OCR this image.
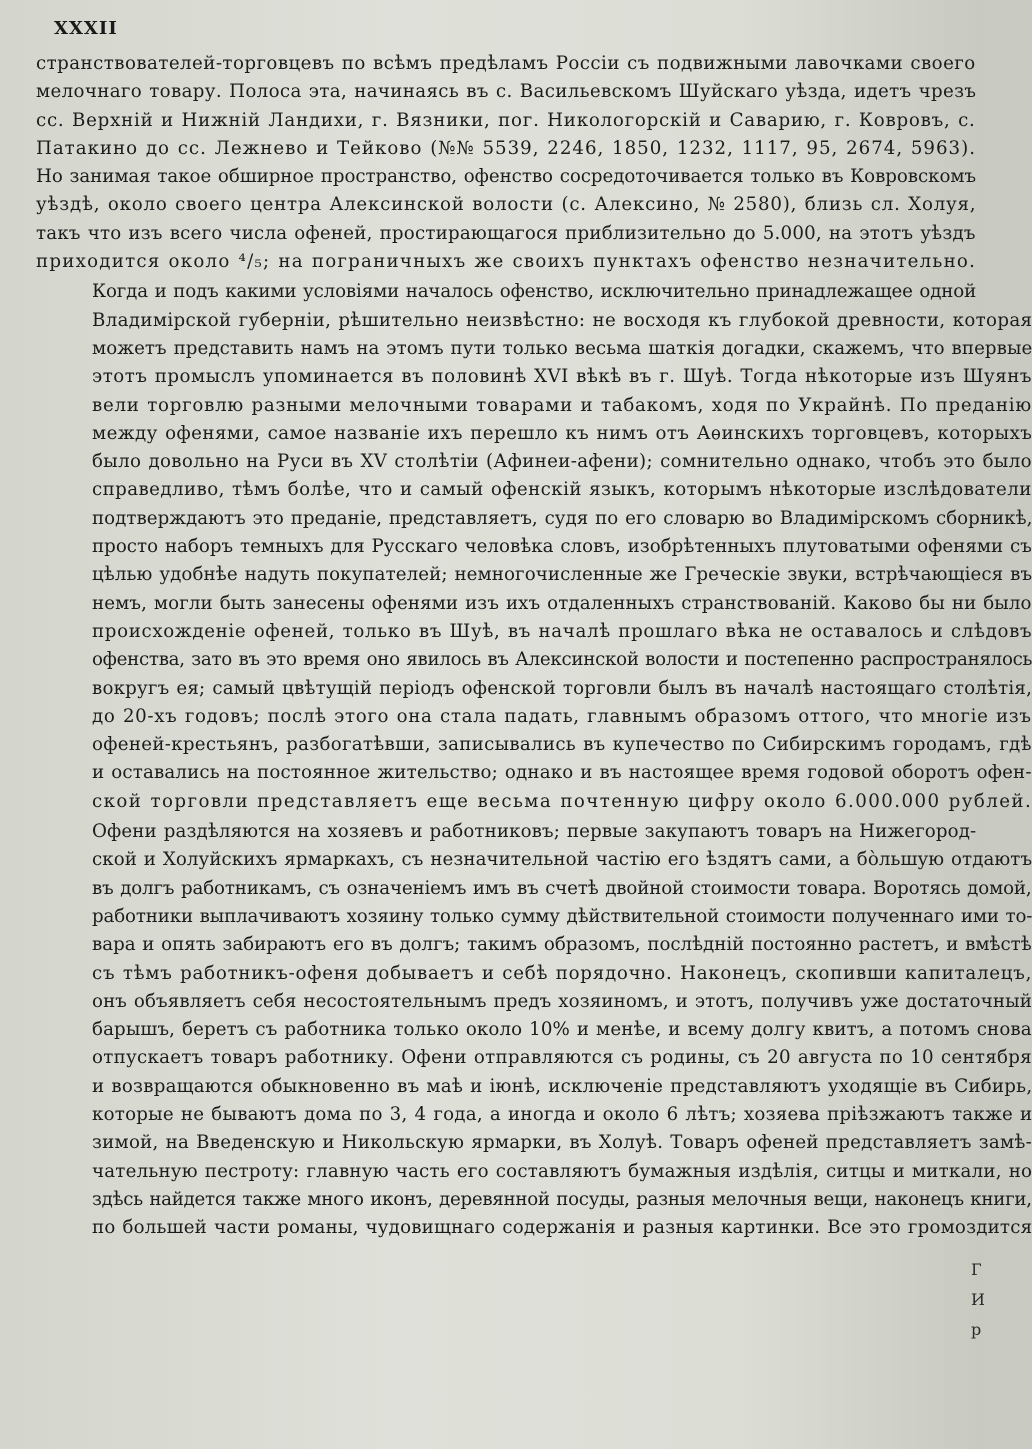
XXXII

странствователей-торговцевъ по всѣмъ предѣламъ Россіи съ подвижными лавочками своего
мелочнаго товару. Полоса эта, начинаясь въ с. Васильевскомъ Шуйскаго уѣзда, идетъ чрезъ
сс. Верхній и Нижній Ландихи, г. Вязники, пог. Никологорскій и Саварию, г. Ковровъ, с.
Патакино до сс. Лежнево и Тейково (№№ 5539, 2246, 1850, 1232, 1117, 95, 2674, 5963).
Но занимая такое обширное пространство, офенство сосредоточивается только въ Ковровскомъ
уѣздѣ, около своего центра Алексинской волости (с. Алексино, № 2580), близь сл. Холуя,
такъ что изъ всего числа офеней, простирающагося приблизительно до 5.000, на этотъ уѣздъ
приходится около ⁴/₅; на пограничныхъ же своихъ пунктахъ офенство незначительно.

Когда и подъ какими условіями началось офенство, исключительно принадлежащее одной
Владимірской губерніи, рѣшительно неизвѣстно: не восходя къ глубокой древности, которая
можетъ представить намъ на этомъ пути только весьма шаткія догадки, скажемъ, что впервые
этотъ промыслъ упоминается въ половинѣ XVI вѣкѣ въ г. Шуѣ. Тогда нѣкоторые изъ Шуянъ
вели торговлю разными мелочными товарами и табакомъ, ходя по Украйнѣ. По преданію
между офенями, самое названіе ихъ перешло къ нимъ отъ Аѳинскихъ торговцевъ, которыхъ
было довольно на Руси въ XV столѣтіи (Афинеи-афени); сомнительно однако, чтобъ это было
справедливо, тѣмъ болѣе, что и самый офенскій языкъ, которымъ нѣкоторые изслѣдователи
подтверждаютъ это преданіе, представляетъ, судя по его словарю во Владимірскомъ сборникѣ,
просто наборъ темныхъ для Русскаго человѣка словъ, изобрѣтенныхъ плутоватыми офенями съ
цѣлью удобнѣе надуть покупателей; немногочисленные же Греческіе звуки, встрѣчающіеся въ
немъ, могли быть занесены офенями изъ ихъ отдаленныхъ странствованій. Каково бы ни было
происхожденіе офеней, только въ Шуѣ, въ началѣ прошлаго вѣка не оставалось и слѣдовъ
офенства, зато въ это время оно явилось въ Алексинской волости и постепенно распространялось
вокругъ ея; самый цвѣтущій періодъ офенской торговли былъ въ началѣ настоящаго столѣтія,
до 20-хъ годовъ; послѣ этого она стала падать, главнымъ образомъ оттого, что многіе изъ
офеней-крестьянъ, разбогатѣвши, записывались въ купечество по Сибирскимъ городамъ, гдѣ
и оставались на постоянное жительство; однако и въ настоящее время годовой оборотъ офен-
ской торговли представляетъ еще весьма почтенную цифру около 6.000.000 рублей.

Офени раздѣляются на хозяевъ и работниковъ; первые закупаютъ товаръ на Нижегород-
ской и Холуйскихъ ярмаркахъ, съ незначительной частію его ѣздятъ сами, а бо̀льшую отдаютъ
въ долгъ работникамъ, съ означеніемъ имъ въ счетѣ двойной стоимости товара. Воротясь домой,
работники выплачиваютъ хозяину только сумму дѣйствительной стоимости полученнаго ими то-
вара и опять забираютъ его въ долгъ; такимъ образомъ, послѣдній постоянно растетъ, и вмѣстѣ
съ тѣмъ работникъ-офеня добываетъ и себѣ порядочно. Наконецъ, скопивши капиталецъ,
онъ объявляетъ себя несостоятельнымъ предъ хозяиномъ, и этотъ, получивъ уже достаточный
барышъ, беретъ съ работника только около 10% и менѣе, и всему долгу квитъ, а потомъ снова
отпускаетъ товаръ работнику. Офени отправляются съ родины, съ 20 августа по 10 сентября
и возвращаются обыкновенно въ маѣ и іюнѣ, исключеніе представляютъ уходящіе въ Сибирь,
которые не бываютъ дома по 3, 4 года, а иногда и около 6 лѣтъ; хозяева пріѣзжаютъ также и
зимой, на Введенскую и Никольскую ярмарки, въ Холуѣ. Товаръ офеней представляетъ замѣ-
чательную пестроту: главную часть его составляютъ бумажныя издѣлія, ситцы и миткали, но
здѣсь найдется также много иконъ, деревянной посуды, разныя мелочныя вещи, наконецъ книги,
по большей части романы, чудовищнаго содержанія и разныя картинки. Все это громоздится

Г
И
р
